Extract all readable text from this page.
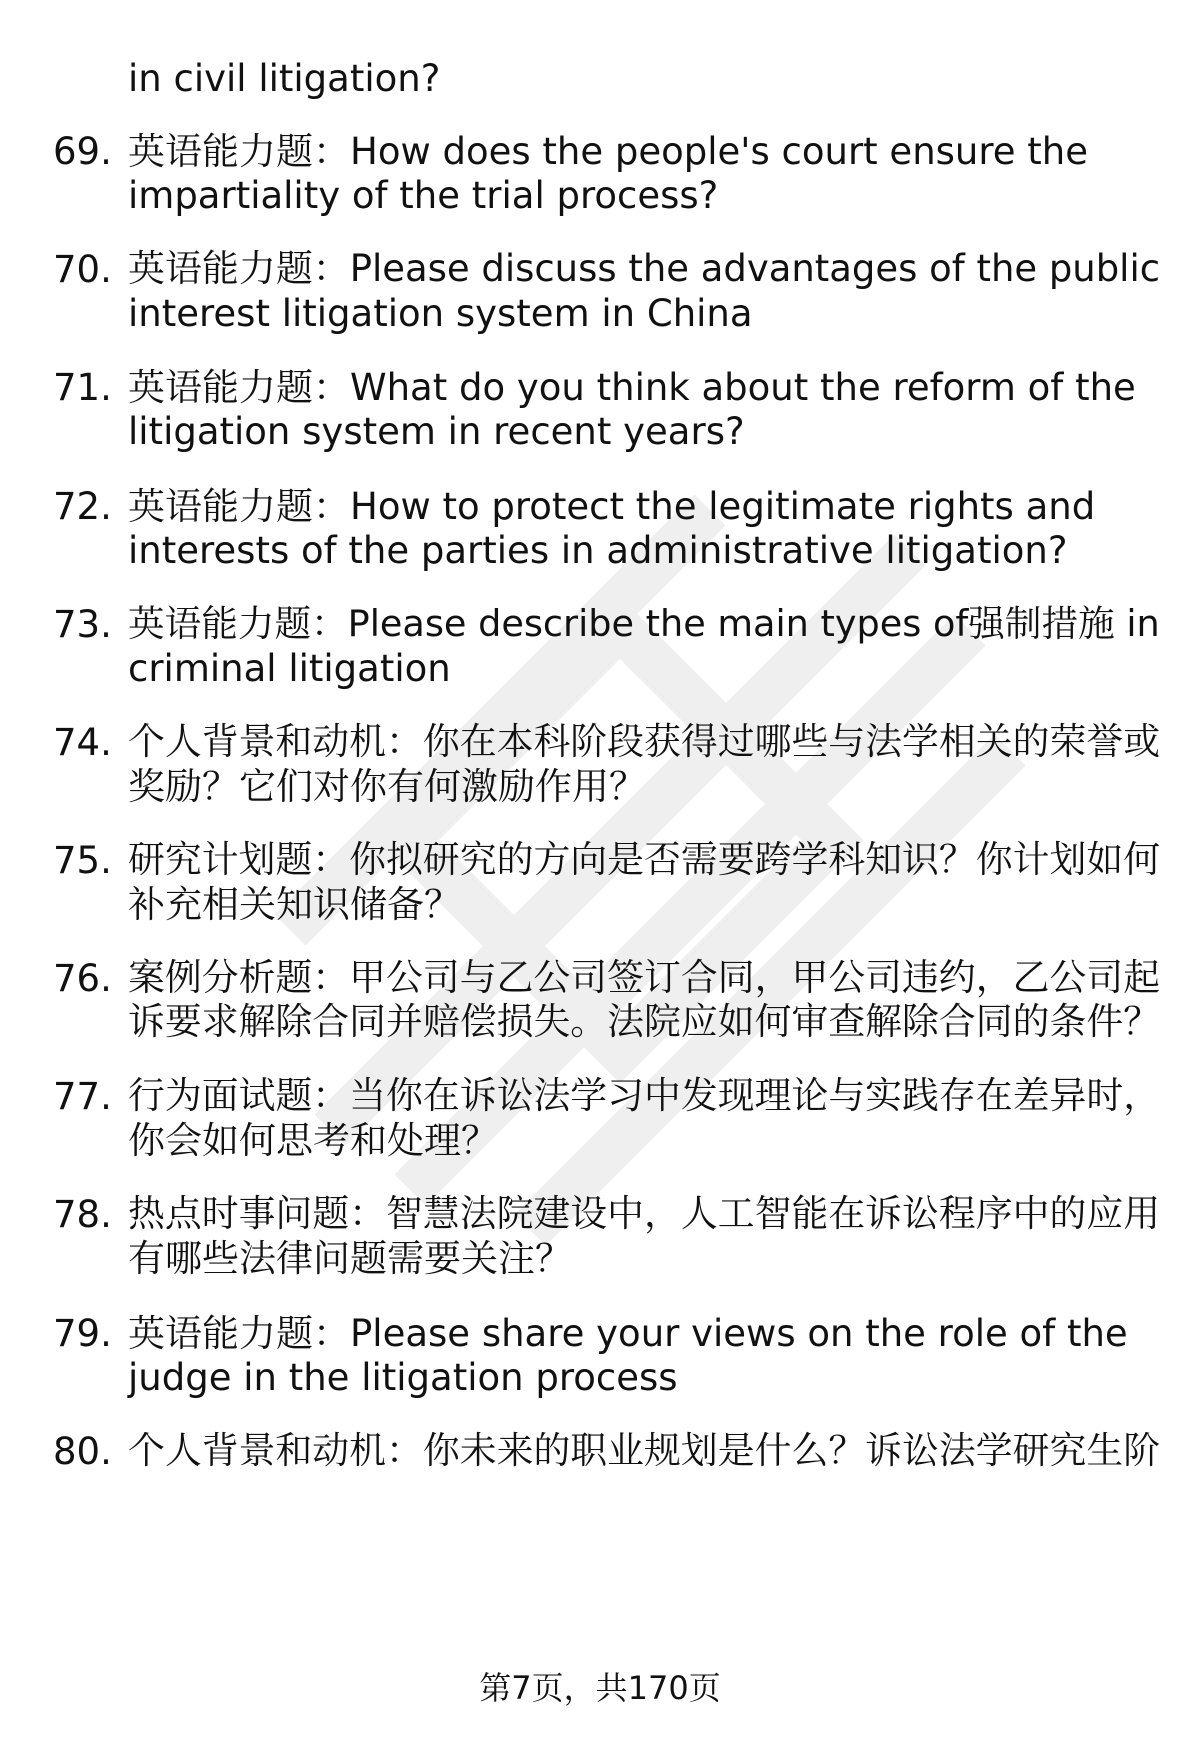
in civil litigation?
69. 英语能力题：How does the people's court ensure the
impartiality of the trial process?
70. 英语能力题：Please discuss the advantages of the public
interest litigation system in China
71. 英语能力题：What do you think about the reform of the
litigation system in recent years?
72. 英语能力题：How to protect the legitimate rights and
interests of the parties in administrative litigation?
73. 英语能力题：Please describe the main types of强制措施 in
criminal litigation
74. 个人背景和动机：你在本科阶段获得过哪些与法学相关的荣誉或
奖励？它们对你有何激励作用？
75. 研究计划题：你拟研究的方向是否需要跨学科知识？你计划如何
补充相关知识储备？
76. 案例分析题：甲公司与乙公司签订合同，甲公司违约，乙公司起
诉要求解除合同并赔偿损失。法院应如何审查解除合同的条件？
77. 行为面试题：当你在诉讼法学习中发现理论与实践存在差异时，
你会如何思考和处理？
78. 热点时事问题：智慧法院建设中，人工智能在诉讼程序中的应用
有哪些法律问题需要关注？
79. 英语能力题：Please share your views on the role of the
judge in the litigation process
80. 个人背景和动机：你未来的职业规划是什么？诉讼法学研究生阶
第7页，共170页
